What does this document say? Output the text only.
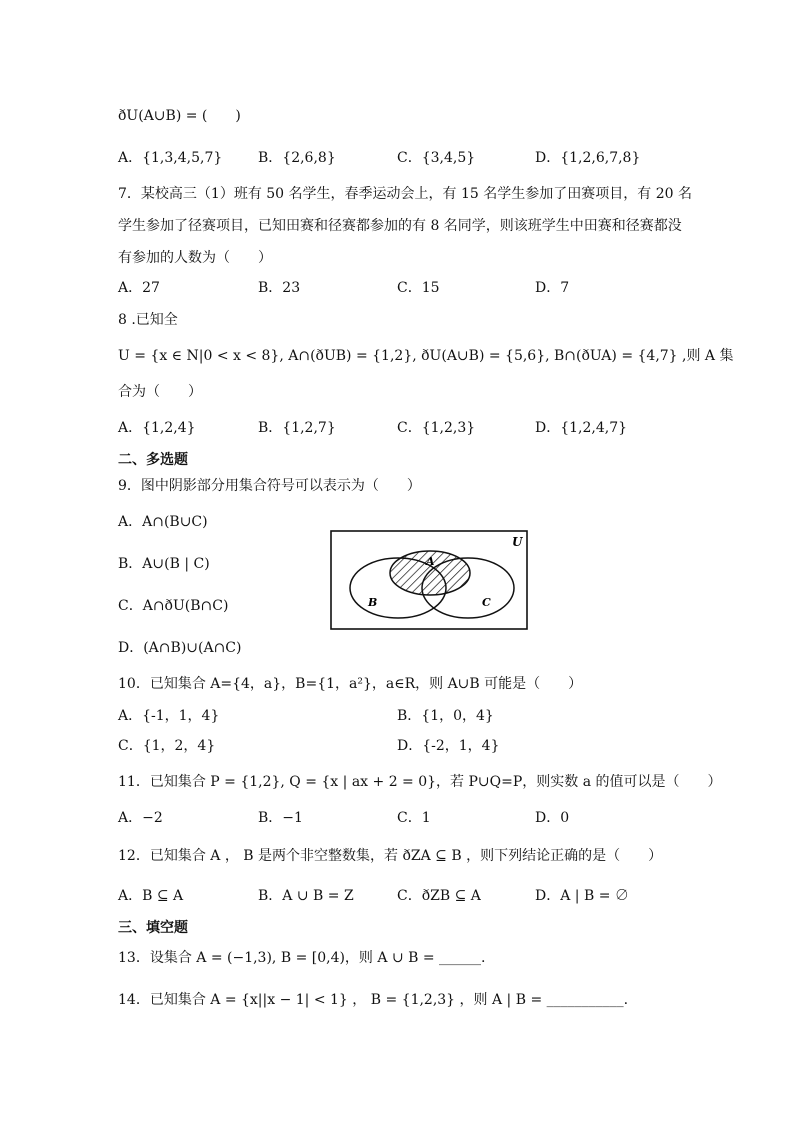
ðU(A∪B) = (　　)
A．{1,3,4,5,7}	B．{2,6,8}	C．{3,4,5}	D．{1,2,6,7,8}
7．某校高三（1）班有 50 名学生，春季运动会上，有 15 名学生参加了田赛项目，有 20 名
学生参加了径赛项目，已知田赛和径赛都参加的有 8 名同学，则该班学生中田赛和径赛都没
有参加的人数为（　　）
A．27	B．23	C．15	D．7
8 .已知全
U = {x ∈ N|0 < x < 8}, A∩(ðUB) = {1,2}, ðU(A∪B) = {5,6}, B∩(ðUA) = {4,7} ,则 A 集
合为（　　）
A．{1,2,4}	B．{1,2,7}	C．{1,2,3}	D．{1,2,4,7}
二、多选题
9．图中阴影部分用集合符号可以表示为（　　）
A．A∩(B∪C)
B．A∪(B | C)
C．A∩ðU(B∩C)
D．(A∩B)∪(A∩C)
U
A
B	C
10．已知集合 A={4，a}，B={1，a²}，a∈R，则 A∪B 可能是（　　）
A．{-1，1，4}	B．{1，0，4}
C．{1，2，4}	D．{-2，1，4}
11．已知集合 P = {1,2}, Q = {x | ax + 2 = 0}，若 P∪Q=P，则实数 a 的值可以是（　　）
A．−2	B．−1	C．1	D．0
12．已知集合 A ， B 是两个非空整数集，若 ðZA ⊆ B ，则下列结论正确的是（　　）
A．B ⊆ A	B．A ∪ B = Z	C．ðZB ⊆ A	D．A | B = ∅
三、填空题
13．设集合 A = (−1,3), B = [0,4)，则 A ∪ B = ______.
14．已知集合 A = {x||x − 1| < 1} ， B = {1,2,3} ，则 A | B = ___________.
